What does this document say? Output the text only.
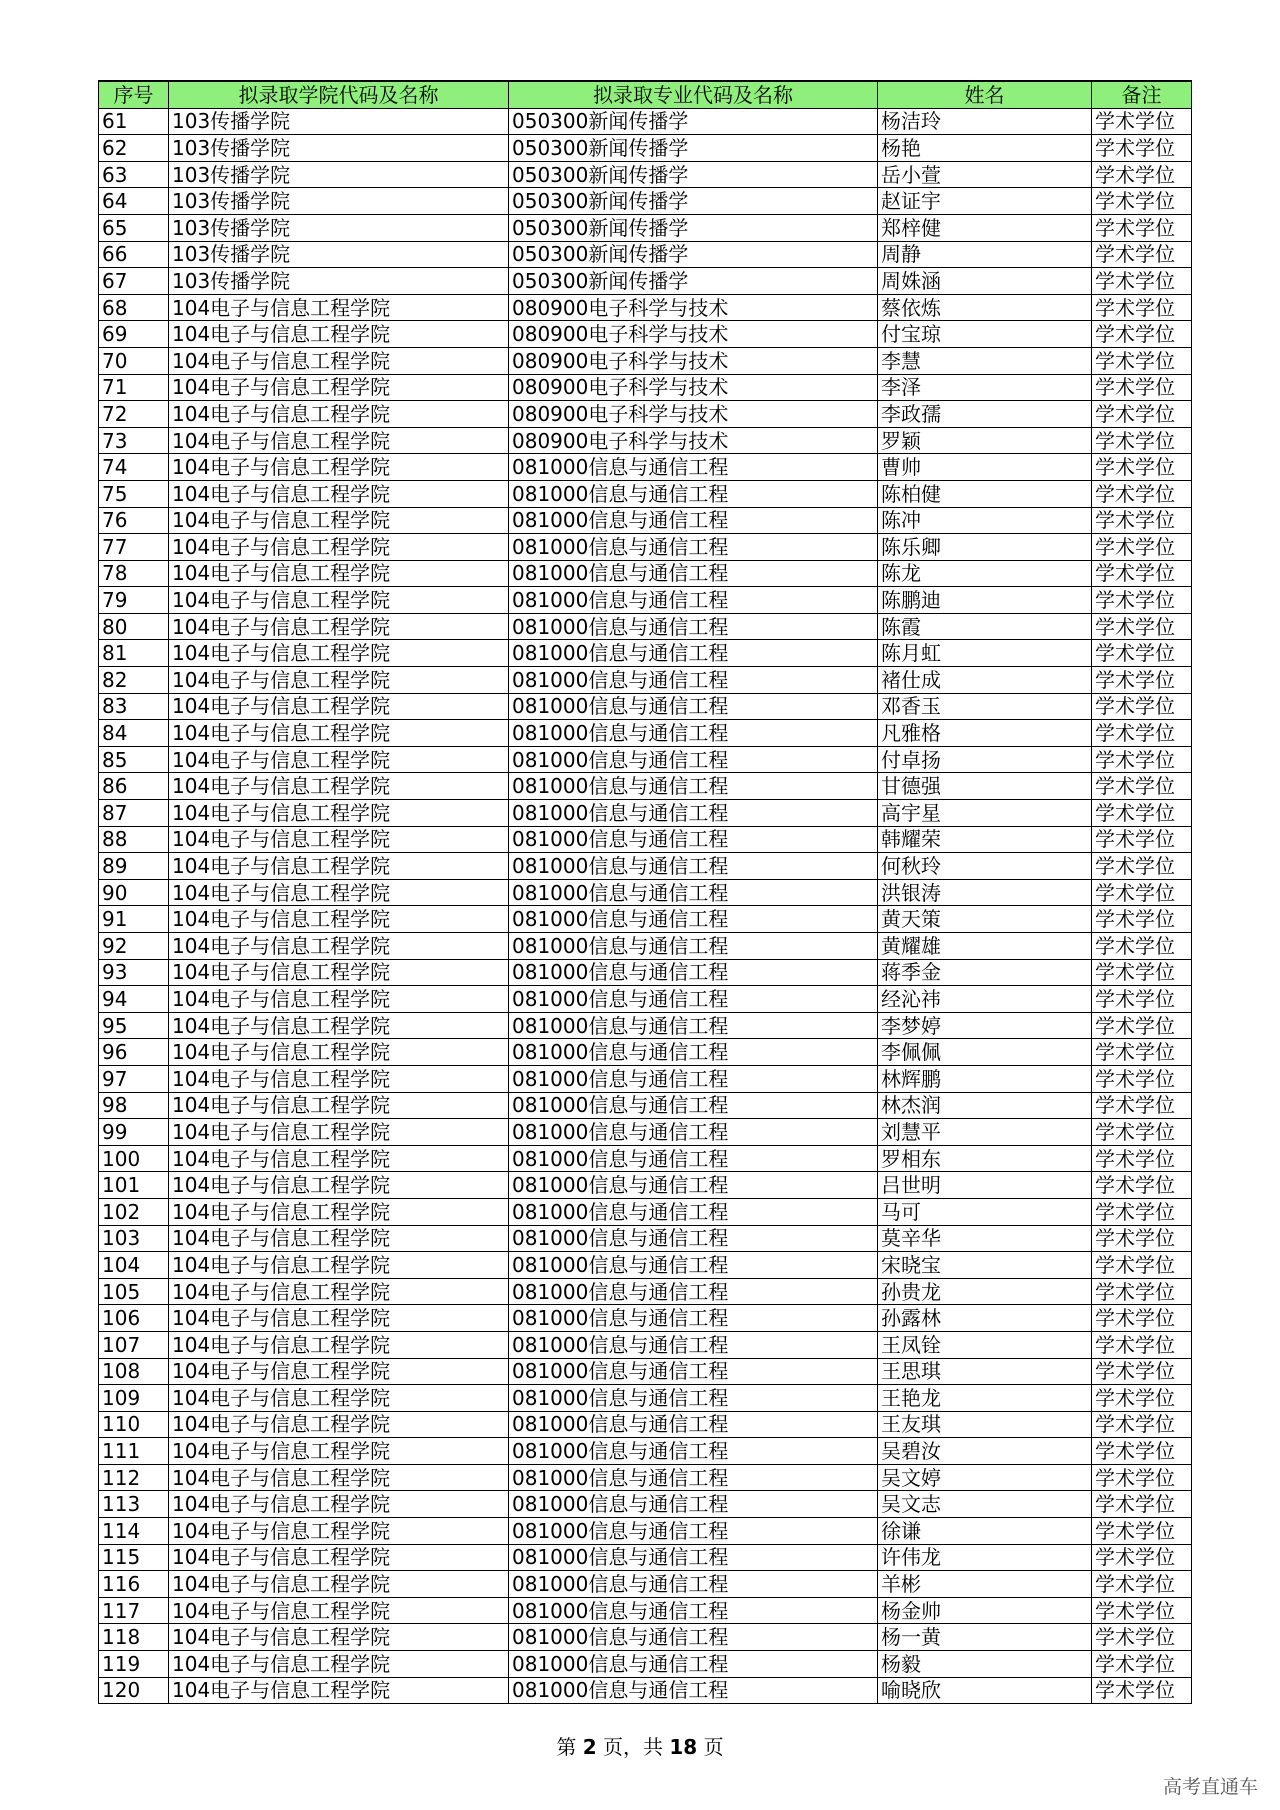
序号	拟录取学院代码及名称	拟录取专业代码及名称	姓名	备注
61	103传播学院	050300新闻传播学	杨洁玲	学术学位
62	103传播学院	050300新闻传播学	杨艳	学术学位
63	103传播学院	050300新闻传播学	岳小萱	学术学位
64	103传播学院	050300新闻传播学	赵证宇	学术学位
65	103传播学院	050300新闻传播学	郑梓健	学术学位
66	103传播学院	050300新闻传播学	周静	学术学位
67	103传播学院	050300新闻传播学	周姝涵	学术学位
68	104电子与信息工程学院	080900电子科学与技术	蔡依炼	学术学位
69	104电子与信息工程学院	080900电子科学与技术	付宝琼	学术学位
70	104电子与信息工程学院	080900电子科学与技术	李慧	学术学位
71	104电子与信息工程学院	080900电子科学与技术	李泽	学术学位
72	104电子与信息工程学院	080900电子科学与技术	李政孺	学术学位
73	104电子与信息工程学院	080900电子科学与技术	罗颖	学术学位
74	104电子与信息工程学院	081000信息与通信工程	曹帅	学术学位
75	104电子与信息工程学院	081000信息与通信工程	陈柏健	学术学位
76	104电子与信息工程学院	081000信息与通信工程	陈冲	学术学位
77	104电子与信息工程学院	081000信息与通信工程	陈乐卿	学术学位
78	104电子与信息工程学院	081000信息与通信工程	陈龙	学术学位
79	104电子与信息工程学院	081000信息与通信工程	陈鹏迪	学术学位
80	104电子与信息工程学院	081000信息与通信工程	陈霞	学术学位
81	104电子与信息工程学院	081000信息与通信工程	陈月虹	学术学位
82	104电子与信息工程学院	081000信息与通信工程	褚仕成	学术学位
83	104电子与信息工程学院	081000信息与通信工程	邓香玉	学术学位
84	104电子与信息工程学院	081000信息与通信工程	凡雅格	学术学位
85	104电子与信息工程学院	081000信息与通信工程	付卓扬	学术学位
86	104电子与信息工程学院	081000信息与通信工程	甘德强	学术学位
87	104电子与信息工程学院	081000信息与通信工程	高宇星	学术学位
88	104电子与信息工程学院	081000信息与通信工程	韩耀荣	学术学位
89	104电子与信息工程学院	081000信息与通信工程	何秋玲	学术学位
90	104电子与信息工程学院	081000信息与通信工程	洪银涛	学术学位
91	104电子与信息工程学院	081000信息与通信工程	黄天策	学术学位
92	104电子与信息工程学院	081000信息与通信工程	黄耀雄	学术学位
93	104电子与信息工程学院	081000信息与通信工程	蒋季金	学术学位
94	104电子与信息工程学院	081000信息与通信工程	经沁祎	学术学位
95	104电子与信息工程学院	081000信息与通信工程	李梦婷	学术学位
96	104电子与信息工程学院	081000信息与通信工程	李佩佩	学术学位
97	104电子与信息工程学院	081000信息与通信工程	林辉鹏	学术学位
98	104电子与信息工程学院	081000信息与通信工程	林杰润	学术学位
99	104电子与信息工程学院	081000信息与通信工程	刘慧平	学术学位
100	104电子与信息工程学院	081000信息与通信工程	罗相东	学术学位
101	104电子与信息工程学院	081000信息与通信工程	吕世明	学术学位
102	104电子与信息工程学院	081000信息与通信工程	马可	学术学位
103	104电子与信息工程学院	081000信息与通信工程	莫辛华	学术学位
104	104电子与信息工程学院	081000信息与通信工程	宋晓宝	学术学位
105	104电子与信息工程学院	081000信息与通信工程	孙贵龙	学术学位
106	104电子与信息工程学院	081000信息与通信工程	孙露林	学术学位
107	104电子与信息工程学院	081000信息与通信工程	王凤铨	学术学位
108	104电子与信息工程学院	081000信息与通信工程	王思琪	学术学位
109	104电子与信息工程学院	081000信息与通信工程	王艳龙	学术学位
110	104电子与信息工程学院	081000信息与通信工程	王友琪	学术学位
111	104电子与信息工程学院	081000信息与通信工程	吴碧汝	学术学位
112	104电子与信息工程学院	081000信息与通信工程	吴文婷	学术学位
113	104电子与信息工程学院	081000信息与通信工程	吴文志	学术学位
114	104电子与信息工程学院	081000信息与通信工程	徐谦	学术学位
115	104电子与信息工程学院	081000信息与通信工程	许伟龙	学术学位
116	104电子与信息工程学院	081000信息与通信工程	羊彬	学术学位
117	104电子与信息工程学院	081000信息与通信工程	杨金帅	学术学位
118	104电子与信息工程学院	081000信息与通信工程	杨一黄	学术学位
119	104电子与信息工程学院	081000信息与通信工程	杨毅	学术学位
120	104电子与信息工程学院	081000信息与通信工程	喻晓欣	学术学位
第 2 页，共 18 页
高考直通车
